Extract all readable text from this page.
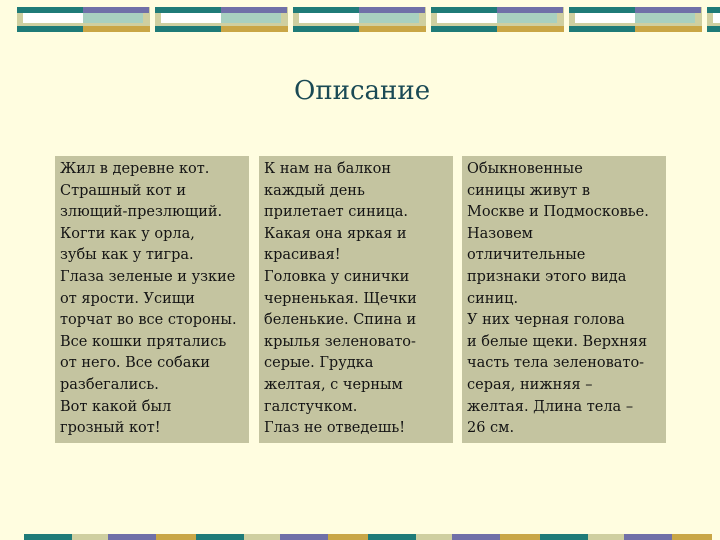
Описание

Жил в деревне кот.
Страшный кот и
злющий-презлющий.
Когти как у орла,
зубы как у тигра.
Глаза зеленые и узкие
от ярости. Усищи
торчат во все стороны.
Все кошки прятались
от него. Все собаки
разбегались.
Вот какой был
грозный кот!

К нам на балкон
каждый день
прилетает синица.
Какая она яркая и
красивая!
Головка у синички
черненькая. Щечки
беленькие. Спина и
крылья зеленовато-
серые. Грудка
желтая, с черным
галстучком.
Глаз не отведешь!

Обыкновенные
синицы живут в
Москве и Подмосковье.
Назовем
отличительные
признаки этого вида
синиц.
У них черная голова
и белые щеки. Верхняя
часть тела зеленовато-
серая, нижняя –
желтая. Длина тела –
26 см.
